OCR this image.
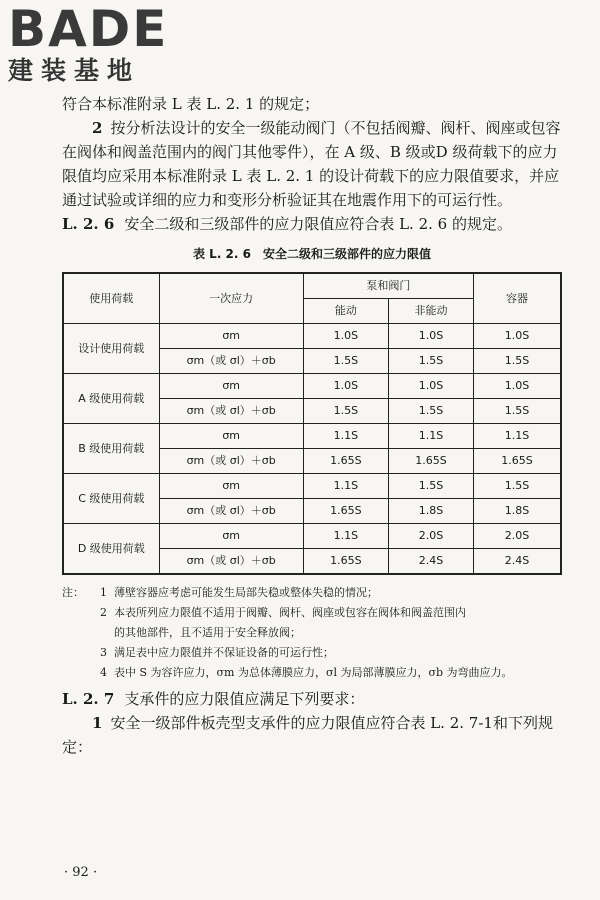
BADE
建装基地

符合本标准附录 L 表 L. 2. 1 的规定；

2 按分析法设计的安全一级能动阀门（不包括阀瓣、阀杆、阀座或包容在阀体和阀盖范围内的阀门其他零件），在 A 级、B 级或D 级荷载下的应力限值均应采用本标准附录 L 表 L. 2. 1 的设计荷载下的应力限值要求，并应通过试验或详细的应力和变形分析验证其在地震作用下的可运行性。
L. 2. 6 安全二级和三级部件的应力限值应符合表 L. 2. 6 的规定。
表 L. 2. 6　安全二级和三级部件的应力限值
使用荷载	一次应力	泵和阀门		容器
		能动	非能动	
设计使用荷载	σm	1.0S	1.0S	1.0S
	σm（或 σl）＋σb	1.5S	1.5S	1.5S
A 级使用荷载	σm	1.0S	1.0S	1.0S
	σm（或 σl）＋σb	1.5S	1.5S	1.5S
B 级使用荷载	σm	1.1S	1.1S	1.1S
	σm（或 σl）＋σb	1.65S	1.65S	1.65S
C 级使用荷载	σm	1.1S	1.5S	1.5S
	σm（或 σl）＋σb	1.65S	1.8S	1.8S
D 级使用荷载	σm	1.1S	2.0S	2.0S
	σm（或 σl）＋σb	1.65S	2.4S	2.4S
注：	1 薄壁容器应考虑可能发生局部失稳或整体失稳的情况；
2 本表所列应力限值不适用于阀瓣、阀杆、阀座或包容在阀体和阀盖范围内
的其他部件，且不适用于安全释放阀；
3 满足表中应力限值并不保证设备的可运行性；
4 表中 S 为容许应力，σm 为总体薄膜应力，σl 为局部薄膜应力，σb 为弯曲应力。
L. 2. 7 支承件的应力限值应满足下列要求：
1 安全一级部件板壳型支承件的应力限值应符合表 L. 2. 7-1和下列规定：
· 92 ·
